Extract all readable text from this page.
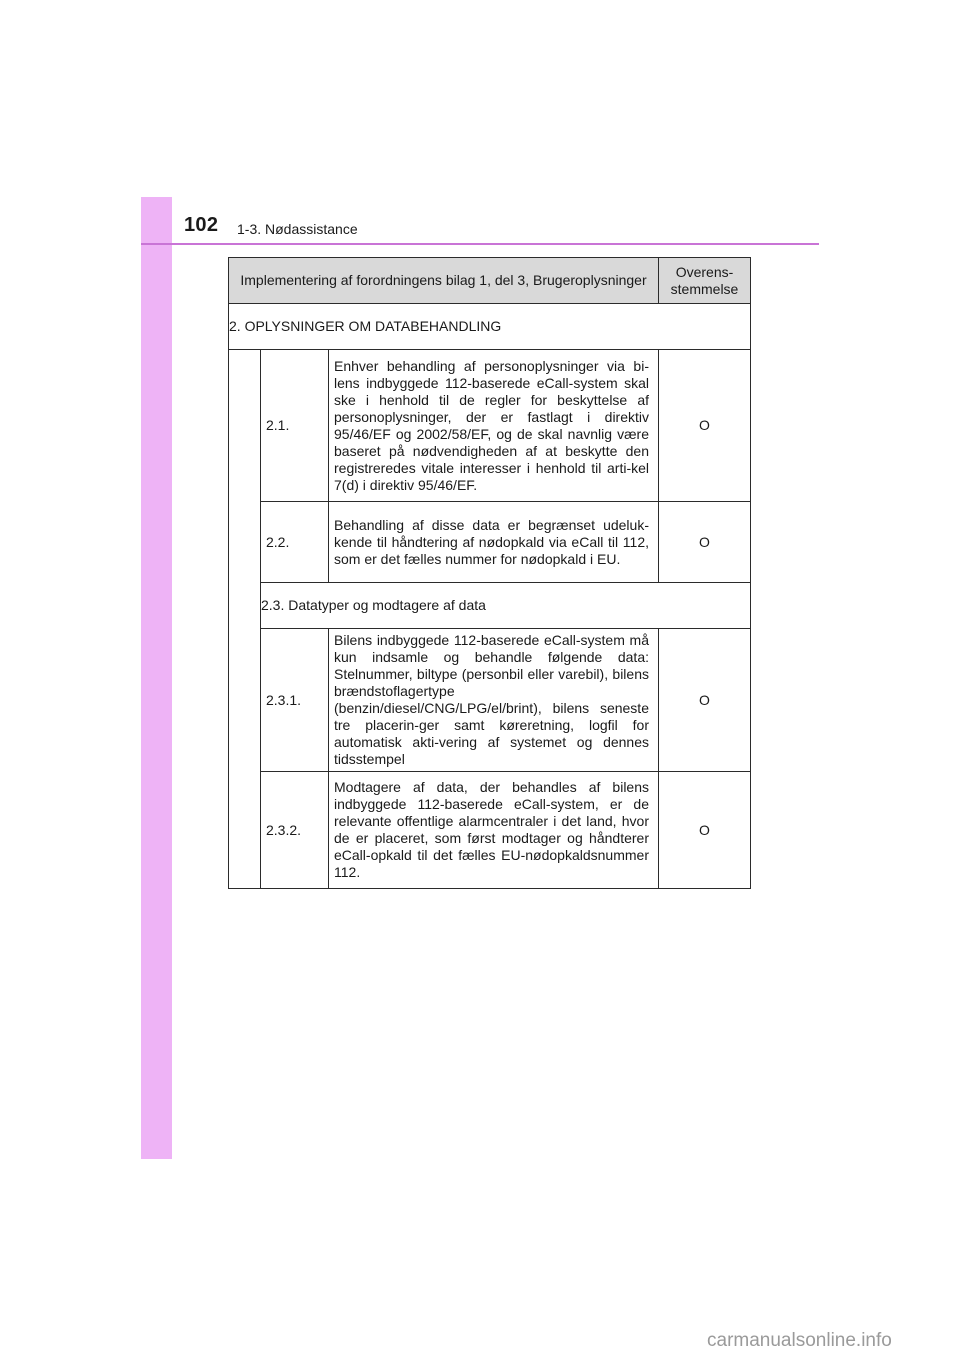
102 1-3. Nødassistance
Implementering af forordningens bilag 1, del 3, Brugeroplysninger			Overens-stemmelse
2. OPLYSNINGER OM DATABEHANDLING			
	2.1.	Enhver behandling af personoplysninger via bi-lens indbyggede 112-baserede eCall-system skal ske i henhold til de regler for beskyttelse af personoplysninger, der er fastlagt i direktiv 95/46/EF og 2002/58/EF, og de skal navnlig være baseret på nødvendigheden af at beskytte den registreredes vitale interesser i henhold til arti-kel 7(d) i direktiv 95/46/EF.	O
	2.2.	Behandling af disse data er begrænset udeluk-kende til håndtering af nødopkald via eCall til 112, som er det fælles nummer for nødopkald i EU.	O
	2.3. Datatyper og modtagere af data		
	2.3.1.	Bilens indbyggede 112-baserede eCall-system må kun indsamle og behandle følgende data: Stelnummer, biltype (personbil eller varebil), bilens brændstoflagertype (benzin/diesel/CNG/LPG/el/brint), bilens seneste tre placerin-ger samt køreretning, logfil for automatisk akti-vering af systemet og dennes tidsstempel	O
	2.3.2.	Modtagere af data, der behandles af bilens indbyggede 112-baserede eCall-system, er de relevante offentlige alarmcentraler i det land, hvor de er placeret, som først modtager og håndterer eCall-opkald til det fælles EU-nødopkaldsnummer 112.	O
carmanualsonline.info
